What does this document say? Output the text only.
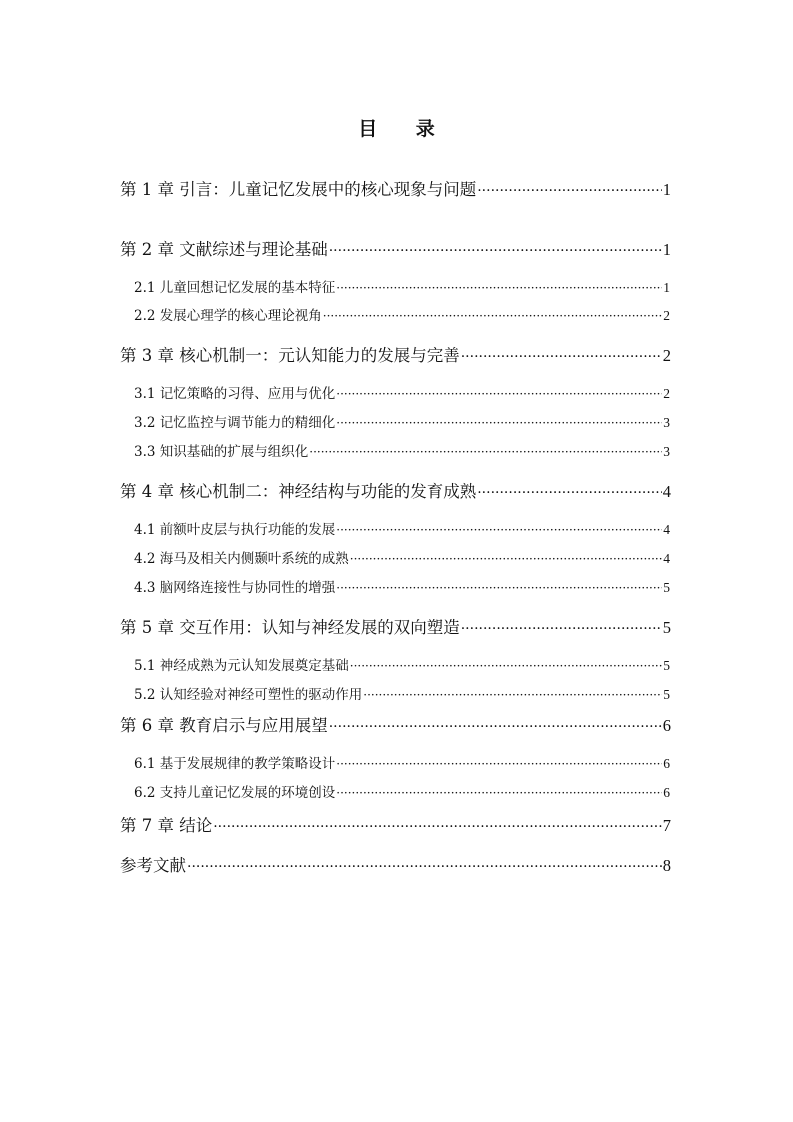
目 录
第 1 章 引言：儿童记忆发展中的核心现象与问题 ·····	1
第 2 章 文献综述与理论基础 ·····	1
2.1 儿童回想记忆发展的基本特征 ·····	1
2.2 发展心理学的核心理论视角 ·····	2
第 3 章 核心机制一：元认知能力的发展与完善 ·····	2
3.1 记忆策略的习得、应用与优化 ·····	2
3.2 记忆监控与调节能力的精细化 ·····	3
3.3 知识基础的扩展与组织化 ·····	3
第 4 章 核心机制二：神经结构与功能的发育成熟 ·····	4
4.1 前额叶皮层与执行功能的发展 ·····	4
4.2 海马及相关内侧颞叶系统的成熟 ·····	4
4.3 脑网络连接性与协同性的增强 ·····	5
第 5 章 交互作用：认知与神经发展的双向塑造 ·····	5
5.1 神经成熟为元认知发展奠定基础 ·····	5
5.2 认知经验对神经可塑性的驱动作用 ·····	5
第 6 章 教育启示与应用展望 ·····	6
6.1 基于发展规律的教学策略设计 ·····	6
6.2 支持儿童记忆发展的环境创设 ·····	6
第 7 章 结论 ·····	7
参考文献 ·····	8
